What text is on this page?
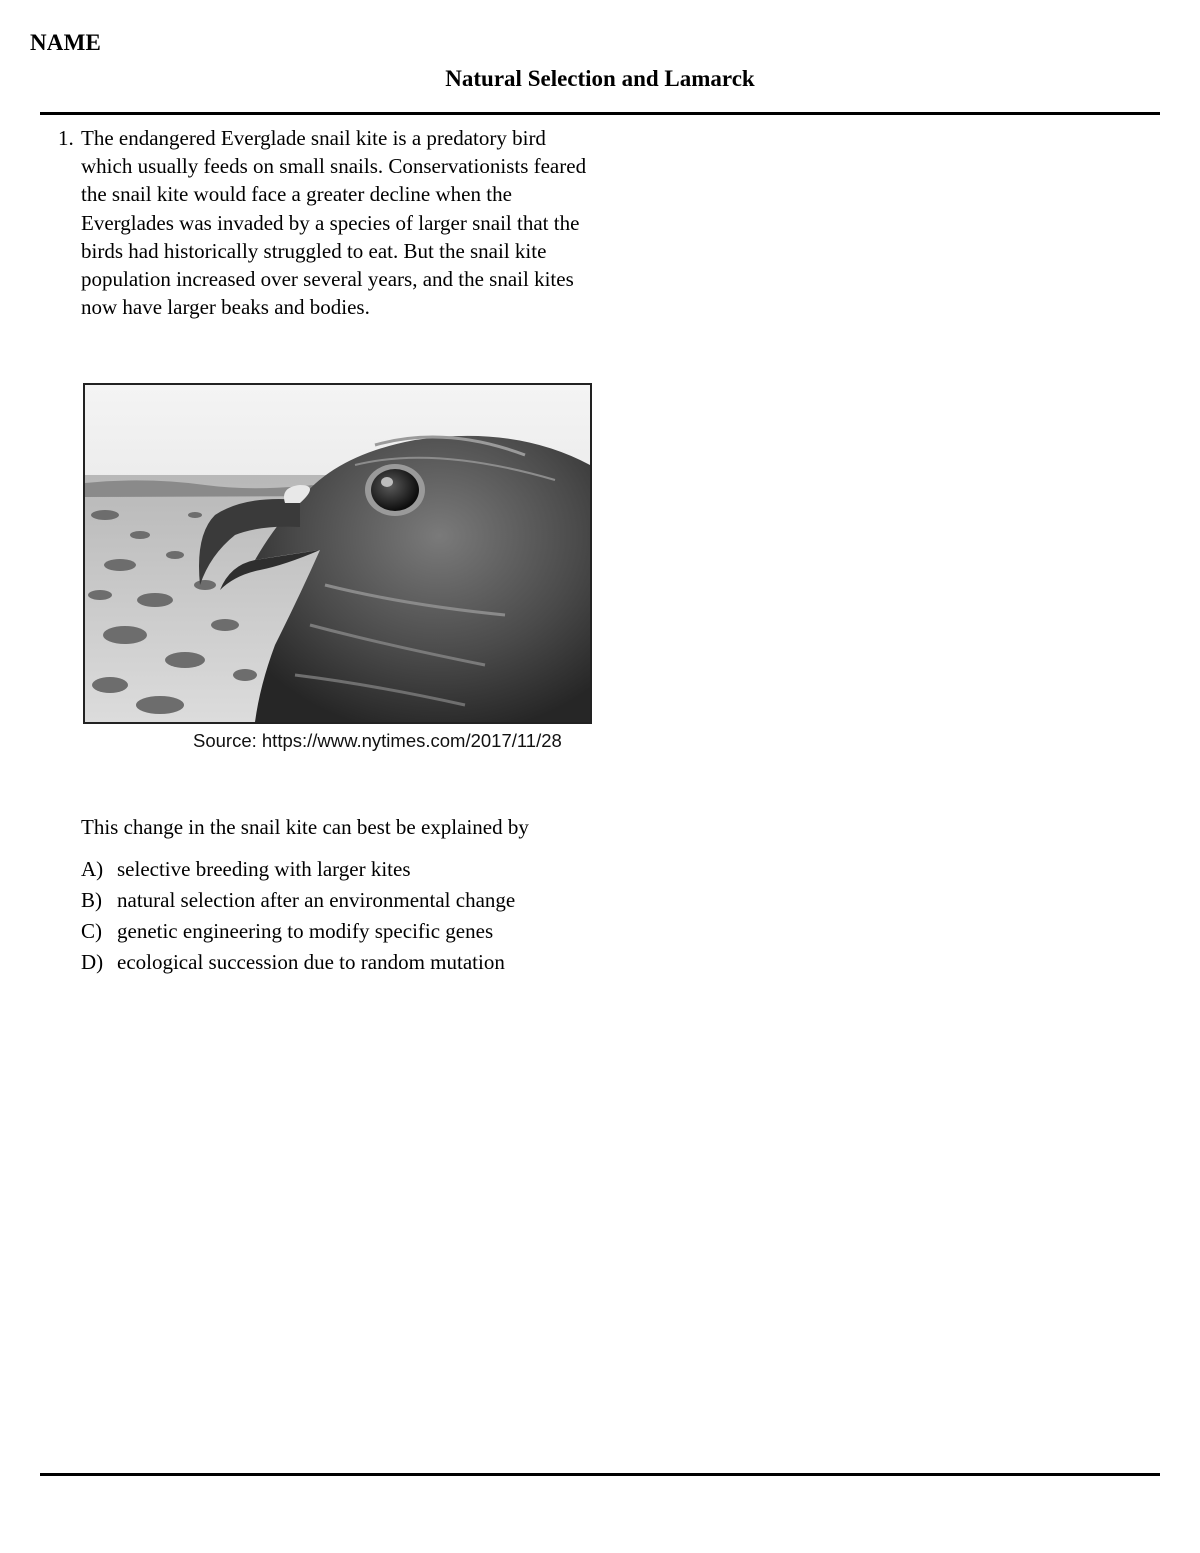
NAME
Natural Selection and Lamarck
1. The endangered Everglade snail kite is a predatory bird which usually feeds on small snails. Conservationists feared the snail kite would face a greater decline when the Everglades was invaded by a species of larger snail that the birds had historically struggled to eat. But the snail kite population increased over several years, and the snail kites now have larger beaks and bodies.
Source: https://www.nytimes.com/2017/11/28
This change in the snail kite can best be explained by
A) selective breeding with larger kites
B) natural selection after an environmental change
C) genetic engineering to modify specific genes
D) ecological succession due to random mutation
